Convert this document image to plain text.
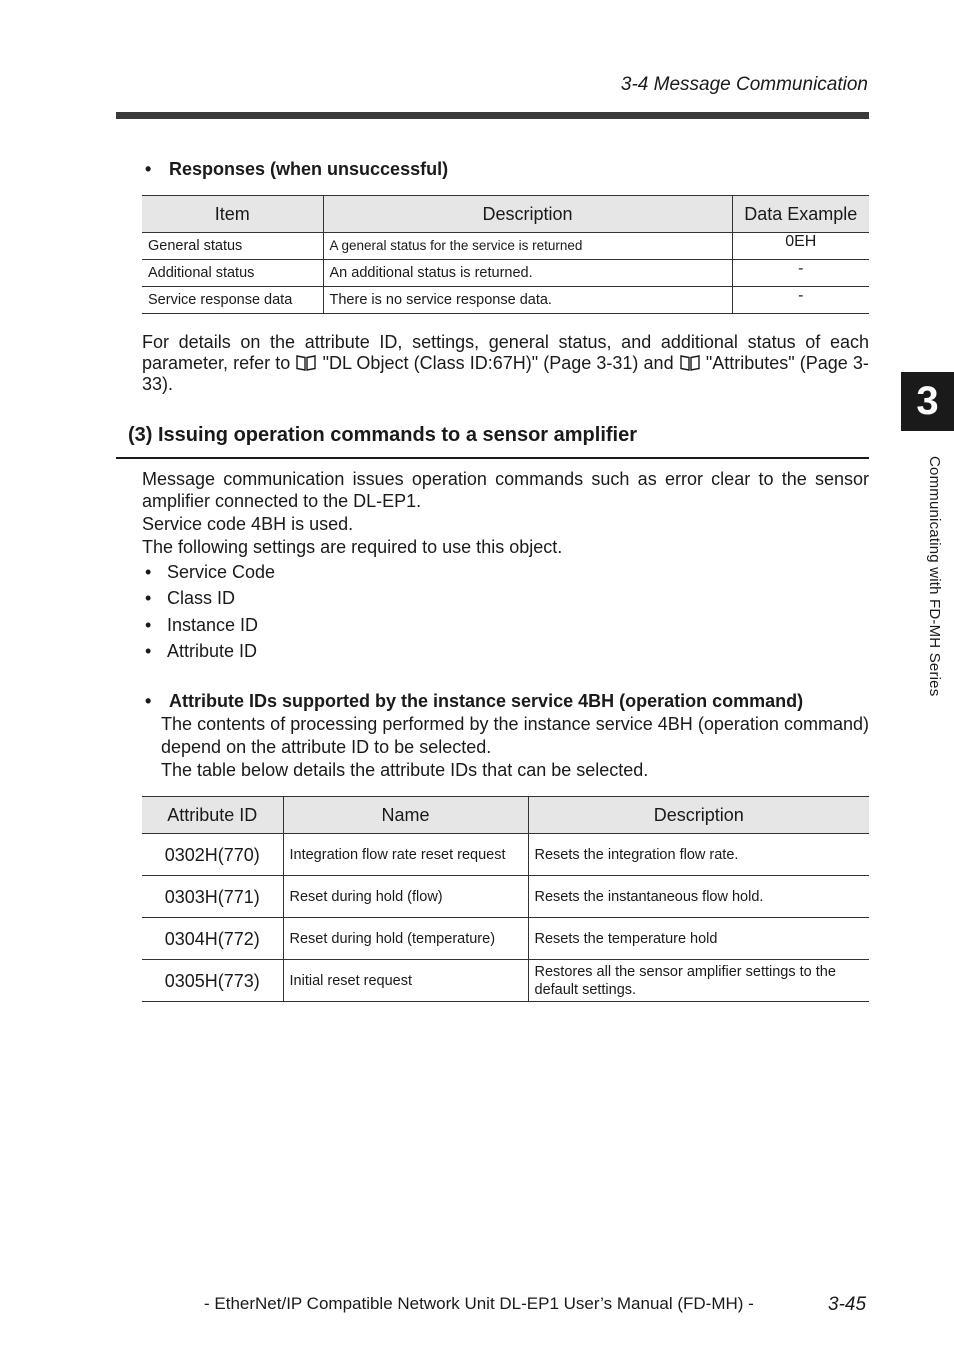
3-4 Message Communication
• Responses (when unsuccessful)
Item	Description	Data Example
General status	A general status for the service is returned	0EH
Additional status	An additional status is returned.	-
Service response data	There is no service response data.	-
For details on the attribute ID, settings, general status, and additional status of each parameter, refer to "DL Object (Class ID:67H)" (Page 3-31) and "Attributes" (Page 3-33).
(3) Issuing operation commands to a sensor amplifier
Message communication issues operation commands such as error clear to the sensor amplifier connected to the DL-EP1.
Service code 4BH is used.
The following settings are required to use this object.
• Service Code
• Class ID
• Instance ID
• Attribute ID
• Attribute IDs supported by the instance service 4BH (operation command)
The contents of processing performed by the instance service 4BH (operation command) depend on the attribute ID to be selected.
The table below details the attribute IDs that can be selected.
Attribute ID	Name	Description
0302H(770)	Integration flow rate reset request	Resets the integration flow rate.
0303H(771)	Reset during hold (flow)	Resets the instantaneous flow hold.
0304H(772)	Reset during hold (temperature)	Resets the temperature hold
0305H(773)	Initial reset request	Restores all the sensor amplifier settings to the default settings.
3
Communicating with FD-MH Series
- EtherNet/IP Compatible Network Unit DL-EP1 User’s Manual (FD-MH) -	3-45
